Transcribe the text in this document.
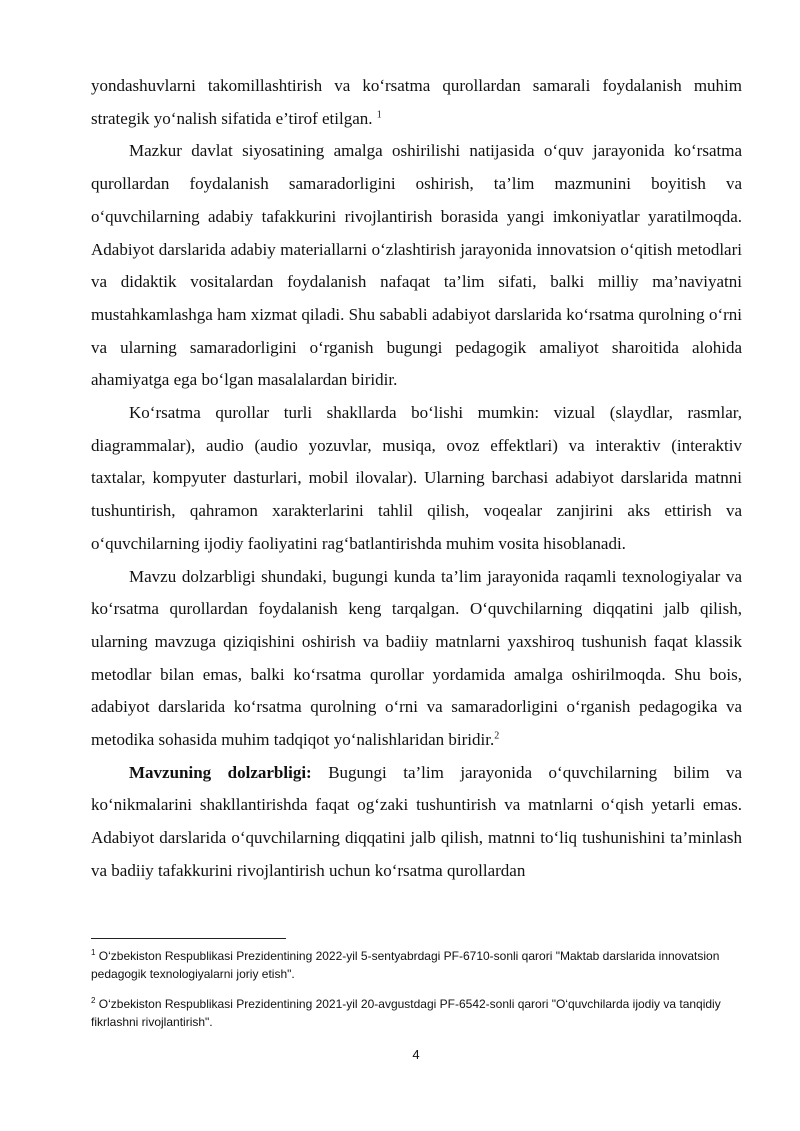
yondashuvlarni takomillashtirish va ko‘rsatma qurollardan samarali foydalanish muhim strategik yo‘nalish sifatida e’tirof etilgan. $^1$

Mazkur davlat siyosatining amalga oshirilishi natijasida o‘quv jarayonida ko‘rsatma qurollardan foydalanish samaradorligini oshirish, ta’lim mazmunini boyitish va o‘quvchilarning adabiy tafakkurini rivojlantirish borasida yangi imkoniyatlar yaratilmoqda. Adabiyot darslarida adabiy materiallarni o‘zlashtirish jarayonida innovatsion o‘qitish metodlari va didaktik vositalardan foydalanish nafaqat ta’lim sifati, balki milliy ma’naviyatni mustahkamlashga ham xizmat qiladi. Shu sababli adabiyot darslarida ko‘rsatma qurolning o‘rni va ularning samaradorligini o‘rganish bugungi pedagogik amaliyot sharoitida alohida ahamiyatga ega bo‘lgan masalalardan biridir.

Ko‘rsatma qurollar turli shakllarda bo‘lishi mumkin: vizual (slaydlar, rasmlar, diagrammalar), audio (audio yozuvlar, musiqa, ovoz effektlari) va interaktiv (interaktiv taxtalar, kompyuter dasturlari, mobil ilovalar). Ularning barchasi adabiyot darslarida matnni tushuntirish, qahramon xarakterlarini tahlil qilish, voqealar zanjirini aks ettirish va o‘quvchilarning ijodiy faoliyatini rag‘batlantirishda muhim vosita hisoblanadi.

Mavzu dolzarbligi shundaki, bugungi kunda ta’lim jarayonida raqamli texnologiyalar va ko‘rsatma qurollardan foydalanish keng tarqalgan. O‘quvchilarning diqqatini jalb qilish, ularning mavzuga qiziqishini oshirish va badiiy matnlarni yaxshiroq tushunish faqat klassik metodlar bilan emas, balki ko‘rsatma qurollar yordamida amalga oshirilmoqda. Shu bois, adabiyot darslarida ko‘rsatma qurolning o‘rni va samaradorligini o‘rganish pedagogika va metodika sohasida muhim tadqiqot yo‘nalishlaridan biridir.$^2$

Mavzuning dolzarbligi: Bugungi ta’lim jarayonida o‘quvchilarning bilim va ko‘nikmalarini shakllantirishda faqat og‘zaki tushuntirish va matnlarni o‘qish yetarli emas. Adabiyot darslarida o‘quvchilarning diqqatini jalb qilish, matnni to‘liq tushunishini ta’minlash va badiiy tafakkurini rivojlantirish uchun ko‘rsatma qurollardan

$^1$ O‘zbekiston Respublikasi Prezidentining 2022-yil 5-sentyabrdagi PF-6710-sonli qarori "Maktab darslarida innovatsion pedagogik texnologiyalarni joriy etish".

$^2$ O‘zbekiston Respublikasi Prezidentining 2021-yil 20-avgustdagi PF-6542-sonli qarori "O‘quvchilarda ijodiy va tanqidiy fikrlashni rivojlantirish".

4
